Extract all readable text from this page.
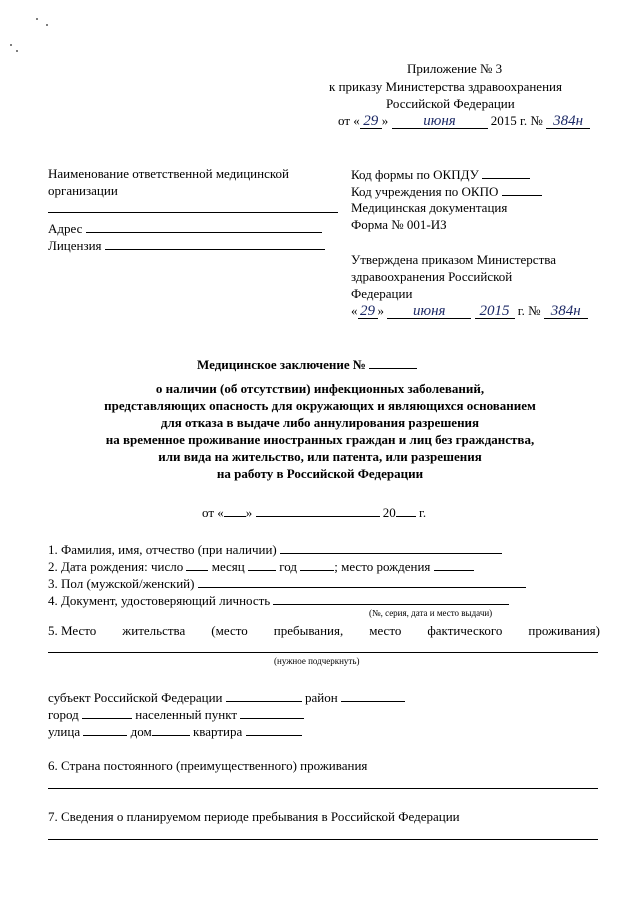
Приложение № 3
к приказу Министерства здравоохранения
Российской Федерации
от « 29 » июня	2015 г. № 384н
Наименование ответственной медицинской
организации
Адрес
Лицензия
Код формы по ОКПДУ
Код учреждения по ОКПО
Медицинская документация
Форма № 001-ИЗ
Утверждена приказом Министерства
здравоохранения Российской
Федерации
« 29 » июня 2015 г. № 384н
Медицинское заключение №
о наличии (об отсутствии) инфекционных заболеваний,
представляющих опасность для окружающих и являющихся основанием
для отказа в выдаче либо аннулирования разрешения
на временное проживание иностранных граждан и лиц без гражданства,
или вида на жительство, или патента, или разрешения
на работу в Российской Федерации
от « »	20 г.
1. Фамилия, имя, отчество (при наличии)
2. Дата рождения: число месяц	год	; место рождения
3. Пол (мужской/женский)
4. Документ, удостоверяющий личность
(№, серия, дата и место выдачи)
5. Место жительства (место пребывания, место фактического проживания)
(нужное подчеркнуть)
субъект Российской Федерации	район
город	населенный пункт
улица	дом	квартира
6. Страна постоянного (преимущественного) проживания
7. Сведения о планируемом периоде пребывания в Российской Федерации
